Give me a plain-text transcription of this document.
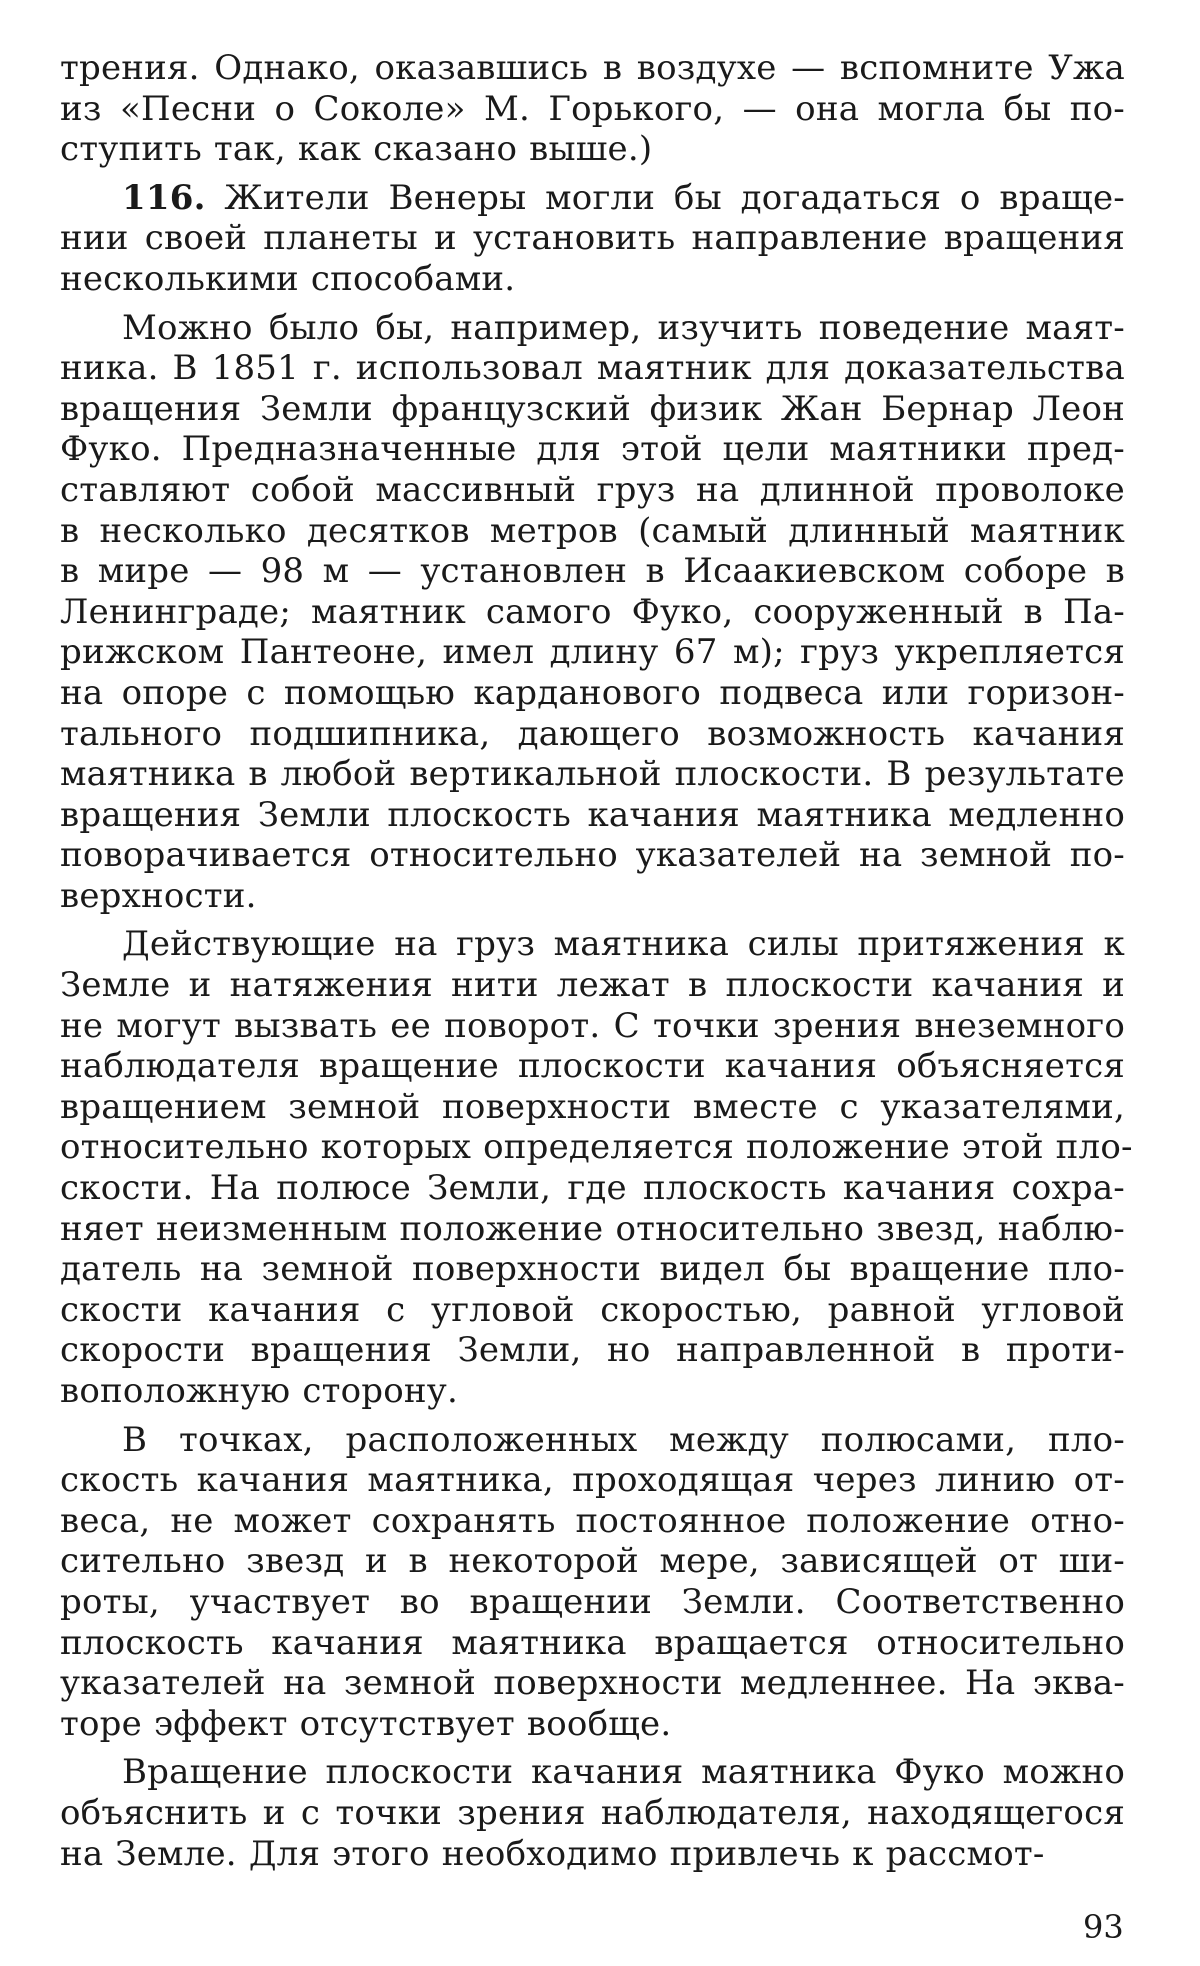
трения. Однако, оказавшись в воздухе — вспомните Ужа
из «Песни о Соколе» М. Горького, — она могла бы по-
ступить так, как сказано выше.)
116. Жители Венеры могли бы догадаться о враще-
нии своей планеты и установить направление вращения
несколькими способами.
Можно было бы, например, изучить поведение маят-
ника. В 1851 г. использовал маятник для доказательства
вращения Земли французский физик Жан Бернар Леон
Фуко. Предназначенные для этой цели маятники пред-
ставляют собой массивный груз на длинной проволоке
в несколько десятков метров (самый длинный маятник
в мире — 98 м — установлен в Исаакиевском соборе в
Ленинграде; маятник самого Фуко, сооруженный в Па-
рижском Пантеоне, имел длину 67 м); груз укрепляется
на опоре с помощью карданового подвеса или горизон-
тального подшипника, дающего возможность качания
маятника в любой вертикальной плоскости. В результате
вращения Земли плоскость качания маятника медленно
поворачивается относительно указателей на земной по-
верхности.
Действующие на груз маятника силы притяжения к
Земле и натяжения нити лежат в плоскости качания и
не могут вызвать ее поворот. С точки зрения внеземного
наблюдателя вращение плоскости качания объясняется
вращением земной поверхности вместе с указателями,
относительно которых определяется положение этой пло-
скости. На полюсе Земли, где плоскость качания сохра-
няет неизменным положение относительно звезд, наблю-
датель на земной поверхности видел бы вращение пло-
скости качания с угловой скоростью, равной угловой
скорости вращения Земли, но направленной в проти-
воположную сторону.
В точках, расположенных между полюсами, пло-
скость качания маятника, проходящая через линию от-
веса, не может сохранять постоянное положение отно-
сительно звезд и в некоторой мере, зависящей от ши-
роты, участвует во вращении Земли. Соответственно
плоскость качания маятника вращается относительно
указателей на земной поверхности медленнее. На эква-
торе эффект отсутствует вообще.
Вращение плоскости качания маятника Фуко можно
объяснить и с точки зрения наблюдателя, находящегося
на Земле. Для этого необходимо привлечь к рассмот-
93
